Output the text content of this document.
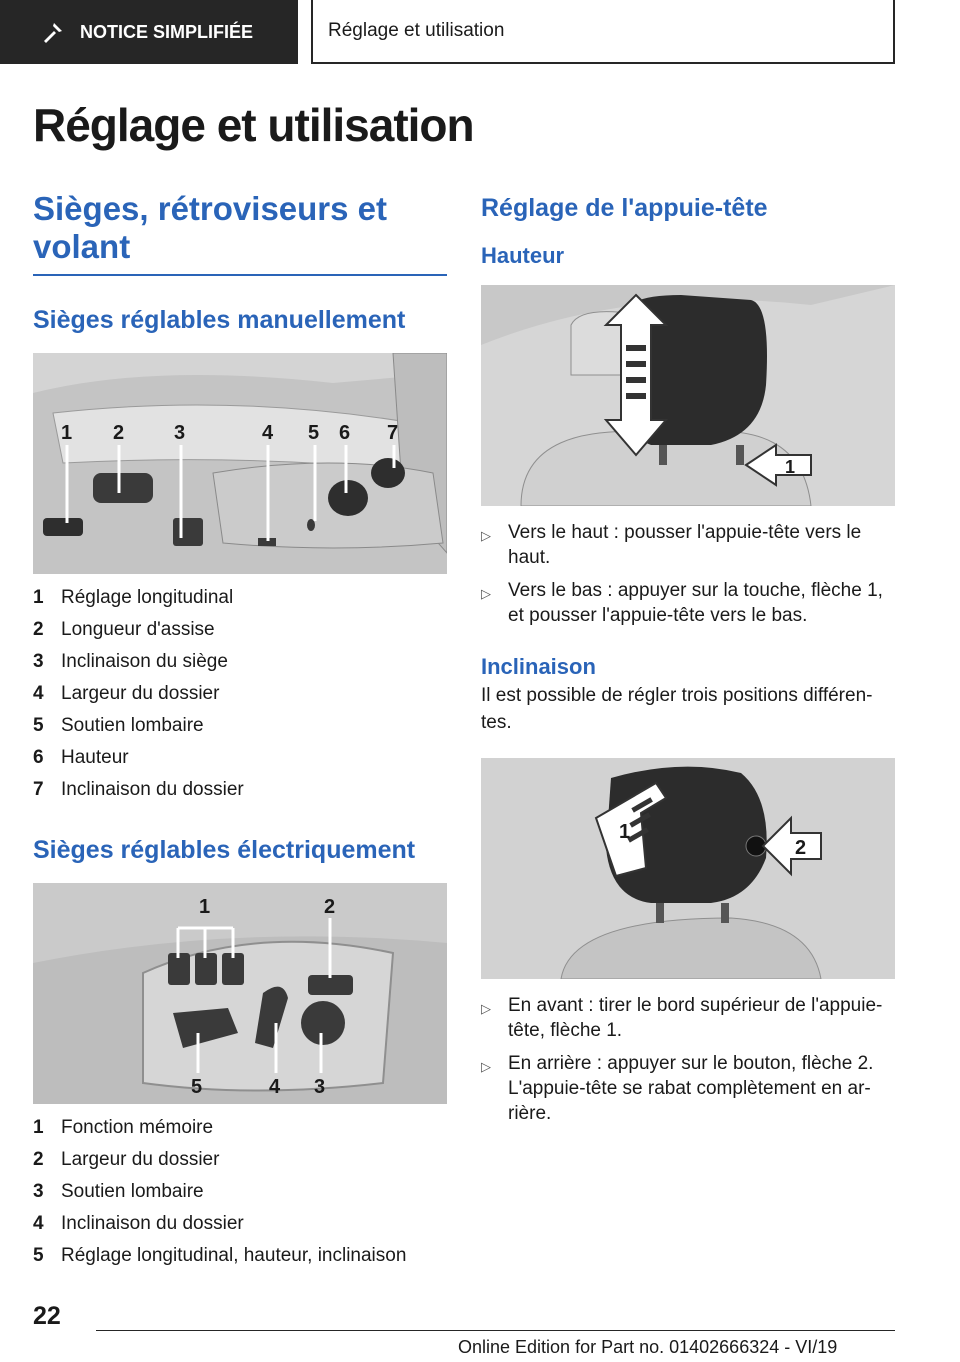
NOTICE SIMPLIFIÉE	Réglage et utilisation
Réglage et utilisation
Sièges, rétroviseurs et volant
Sièges réglables manuellement
1 2 3	4 5 6 7
1 Réglage longitudinal
2 Longueur d'assise
3 Inclinaison du siège
4 Largeur du dossier
5 Soutien lombaire
6 Hauteur
7 Inclinaison du dossier
Sièges réglables électriquement
1	2
5	4 3
1 Fonction mémoire
2 Largeur du dossier
3 Soutien lombaire
4 Inclinaison du dossier
5 Réglage longitudinal, hauteur, inclinaison
Réglage de l'appuie-tête
Hauteur
1
▷ Vers le haut : pousser l'appuie-tête vers le haut.
▷ Vers le bas : appuyer sur la touche, flèche 1, et pousser l'appuie-tête vers le bas.
Inclinaison

Il est possible de régler trois positions différen‐tes.

1
2
▷ En avant : tirer le bord supérieur de l'appuie‐tête, flèche 1.
▷ En arrière : appuyer sur le bouton, flèche 2. L'appuie-tête se rabat complètement en ar‐rière.
22
Online Edition for Part no. 01402666324 - VI/19
